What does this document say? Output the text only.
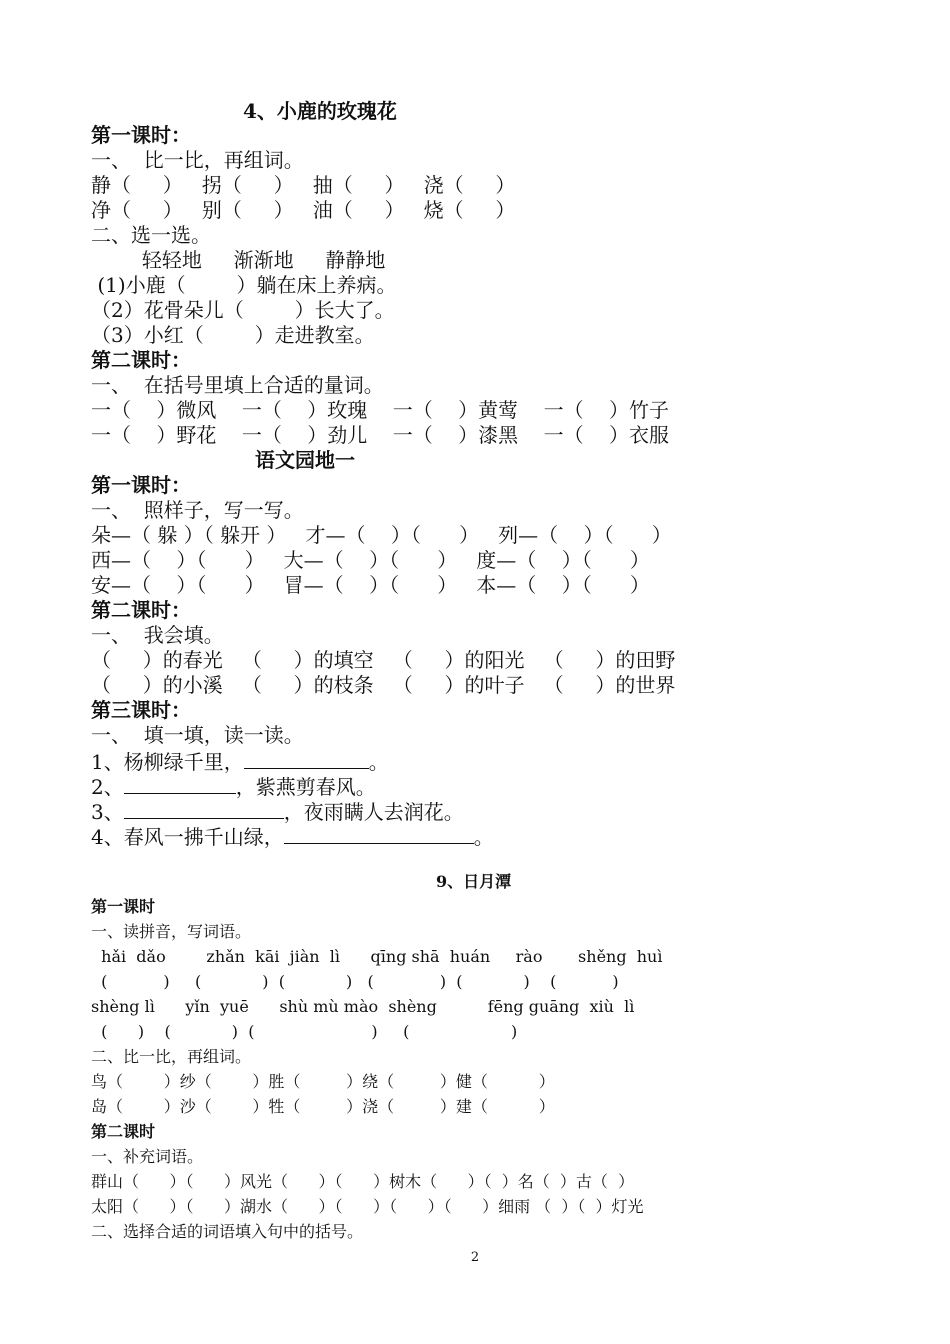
4、小鹿的玫瑰花
第一课时：
一、  比一比，再组词。
静（     ）   拐（     ）   抽（     ）   浇（     ）
净（     ）   别（     ）   油（     ）   烧（     ）
二、选一选。
轻轻地     渐渐地     静静地
(1)小鹿（        ）躺在床上养病。
（2）花骨朵儿（        ）长大了。
（3）小红（        ）走进教室。
第二课时：
一、  在括号里填上合适的量词。
一（    ）微风    一（    ）玫瑰    一（    ）黄莺    一（    ）竹子
一（    ）野花    一（    ）劲儿    一（    ）漆黑    一（    ）衣服
语文园地一
第一课时：
一、  照样子，写一写。
朵—（ 躲 ）（ 躲开 ）   才—（    ）（      ）   列—（    ）（      ）
西—（    ）（      ）   大—（    ）（      ）   度—（    ）（      ）
安—（    ）（      ）   冒—（    ）（      ）   本—（    ）（      ）
第二课时：
一、  我会填。
（     ）的春光   （     ）的填空   （     ）的阳光   （     ）的田野
（     ）的小溪   （     ）的枝条   （     ）的叶子   （     ）的世界
第三课时：
一、  填一填，读一读。
1、杨柳绿千里，	。
2、	，紫燕剪春风。
3、	，夜雨瞒人去润花。
4、春风一拂千山绿，	。
9、日月潭
第一课时
一、读拼音，写词语。
hǎi  dǎo        zhǎn  kāi  jiàn  lì      qīng shā  huán     rào       shěng  huì
(           )     (            )  (            )   (             )  (            )    (           )
shèng lì      yǐn  yuē      shù mù mào  shèng          fēng guāng  xiù  lì
(      )    (            )  (                       )     (                    )
二、比一比，再组词。
鸟（        ）纱（        ）胜（         ）绕（         ）健（          ）
岛（        ）沙（        ）牲（         ）浇（         ）建（          ）
第二课时
一、补充词语。
群山（      ）（      ）风光（      ）（      ）树木（      ）（  ）名（  ）古（  ）
太阳（      ）（      ）湖水（      ）（      ）（      ）（      ）细雨 （  ）（  ）灯光
二、选择合适的词语填入句中的括号。
2
